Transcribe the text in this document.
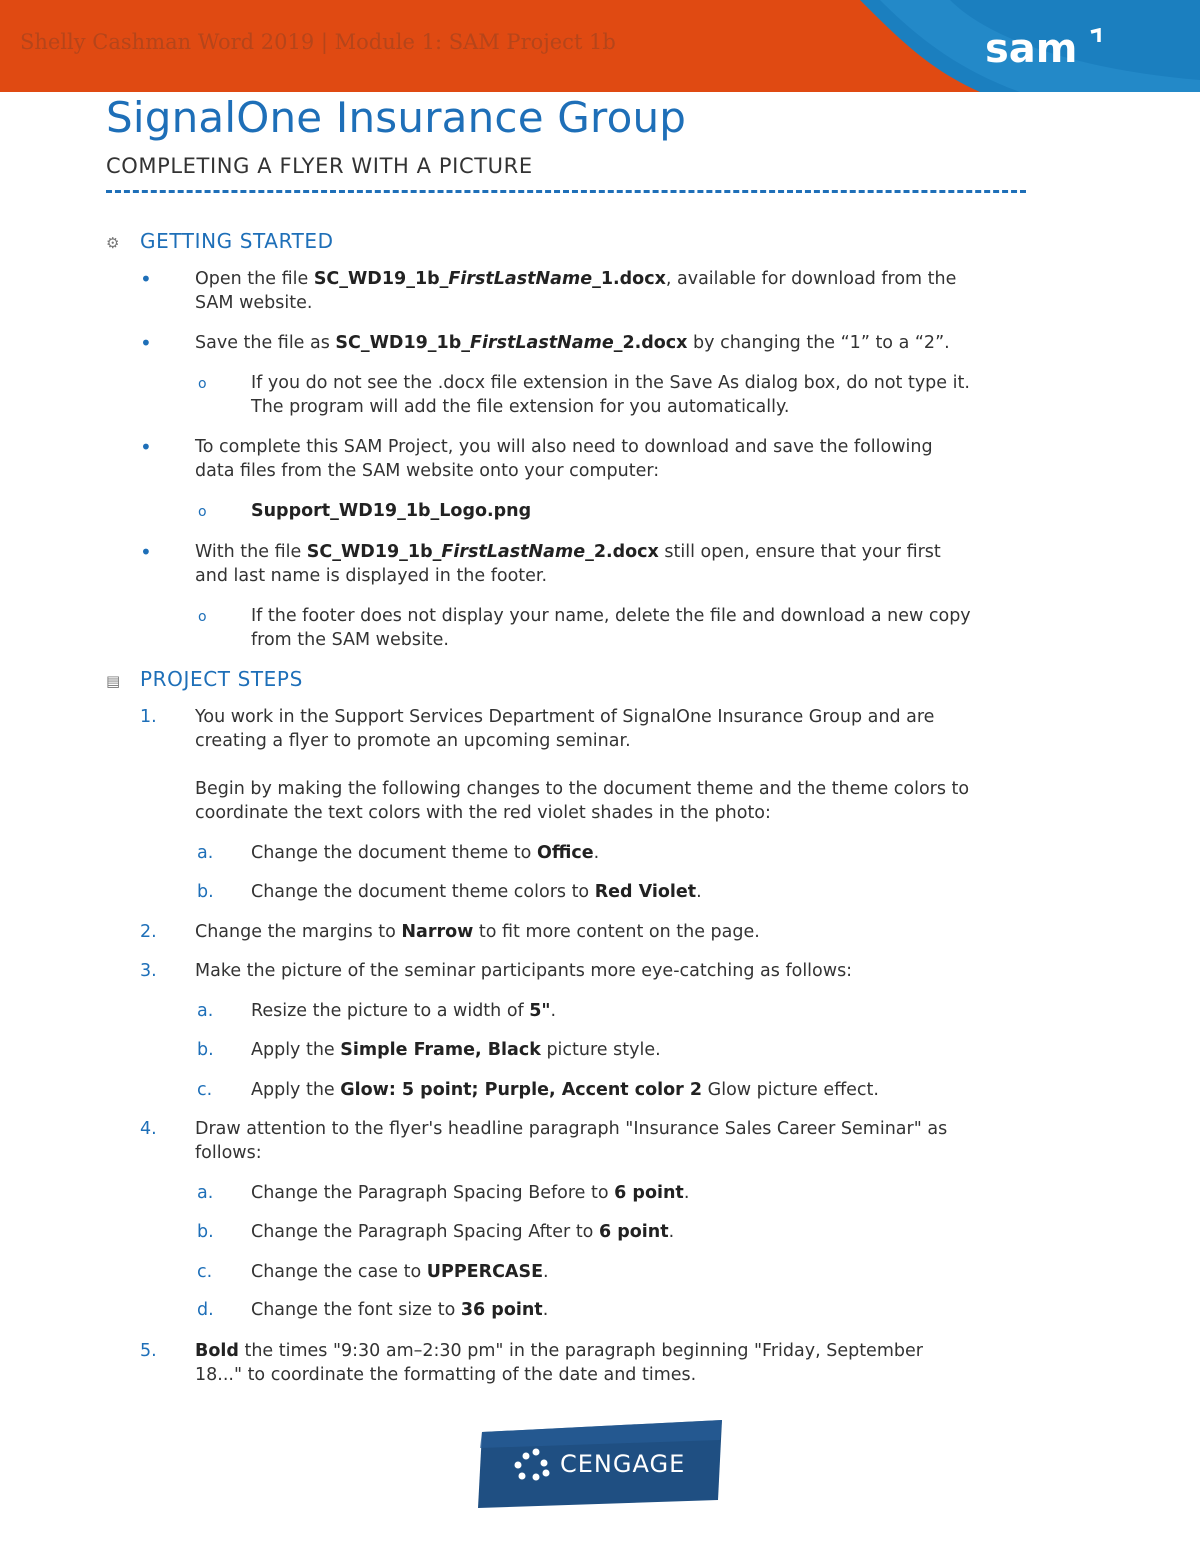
Shelly Cashman Word 2019 | Module 1: SAM Project 1b	sam
SignalOne Insurance Group
COMPLETING A FLYER WITH A PICTURE
⚙ GETTING STARTED
• Open the file SC_WD19_1b_FirstLastName_1.docx, available for download from the
SAM website.
• Save the file as SC_WD19_1b_FirstLastName_2.docx by changing the “1” to a “2”.
o	If you do not see the .docx file extension in the Save As dialog box, do not type it.
The program will add the file extension for you automatically.
• To complete this SAM Project, you will also need to download and save the following
data files from the SAM website onto your computer:
o	Support_WD19_1b_Logo.png
• With the file SC_WD19_1b_FirstLastName_2.docx still open, ensure that your first
and last name is displayed in the footer.
o	If the footer does not display your name, delete the file and download a new copy
from the SAM website.
▤ PROJECT STEPS
1. You work in the Support Services Department of SignalOne Insurance Group and are
creating a flyer to promote an upcoming seminar.
Begin by making the following changes to the document theme and the theme colors to
coordinate the text colors with the red violet shades in the photo:
a. Change the document theme to Office.
b. Change the document theme colors to Red Violet.
2. Change the margins to Narrow to fit more content on the page.
3. Make the picture of the seminar participants more eye-catching as follows:
a. Resize the picture to a width of 5".
b. Apply the Simple Frame, Black picture style.
c. Apply the Glow: 5 point; Purple, Accent color 2 Glow picture effect.
4. Draw attention to the flyer's headline paragraph "Insurance Sales Career Seminar" as
follows:
a. Change the Paragraph Spacing Before to 6 point.
b. Change the Paragraph Spacing After to 6 point.
c. Change the case to UPPERCASE.
d. Change the font size to 36 point.
5. Bold the times "9:30 am–2:30 pm" in the paragraph beginning "Friday, September
18..." to coordinate the formatting of the date and times.
CENGAGE
